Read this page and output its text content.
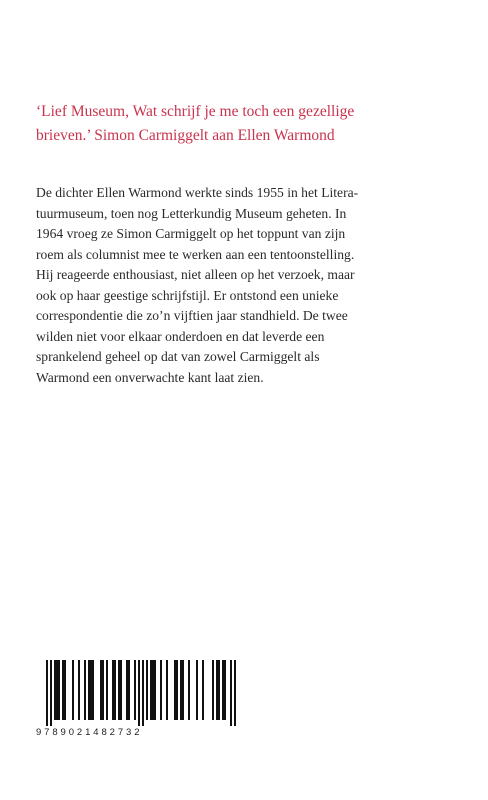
‘Lief Museum, Wat schrijf je me toch een gezellige
brieven.’ Simon Carmiggelt aan Ellen Warmond

De dichter Ellen Warmond werkte sinds 1955 in het Litera-
tuurmuseum, toen nog Letterkundig Museum geheten. In
1964 vroeg ze Simon Carmiggelt op het toppunt van zijn
roem als columnist mee te werken aan een tentoonstelling.
Hij reageerde enthousiast, niet alleen op het verzoek, maar
ook op haar geestige schrijfstijl. Er ontstond een unieke
correspondentie die zo’n vijftien jaar standhield. De twee
wilden niet voor elkaar onderdoen en dat leverde een
sprankelend geheel op dat van zowel Carmiggelt als
Warmond een onverwachte kant laat zien.

9789021482732
